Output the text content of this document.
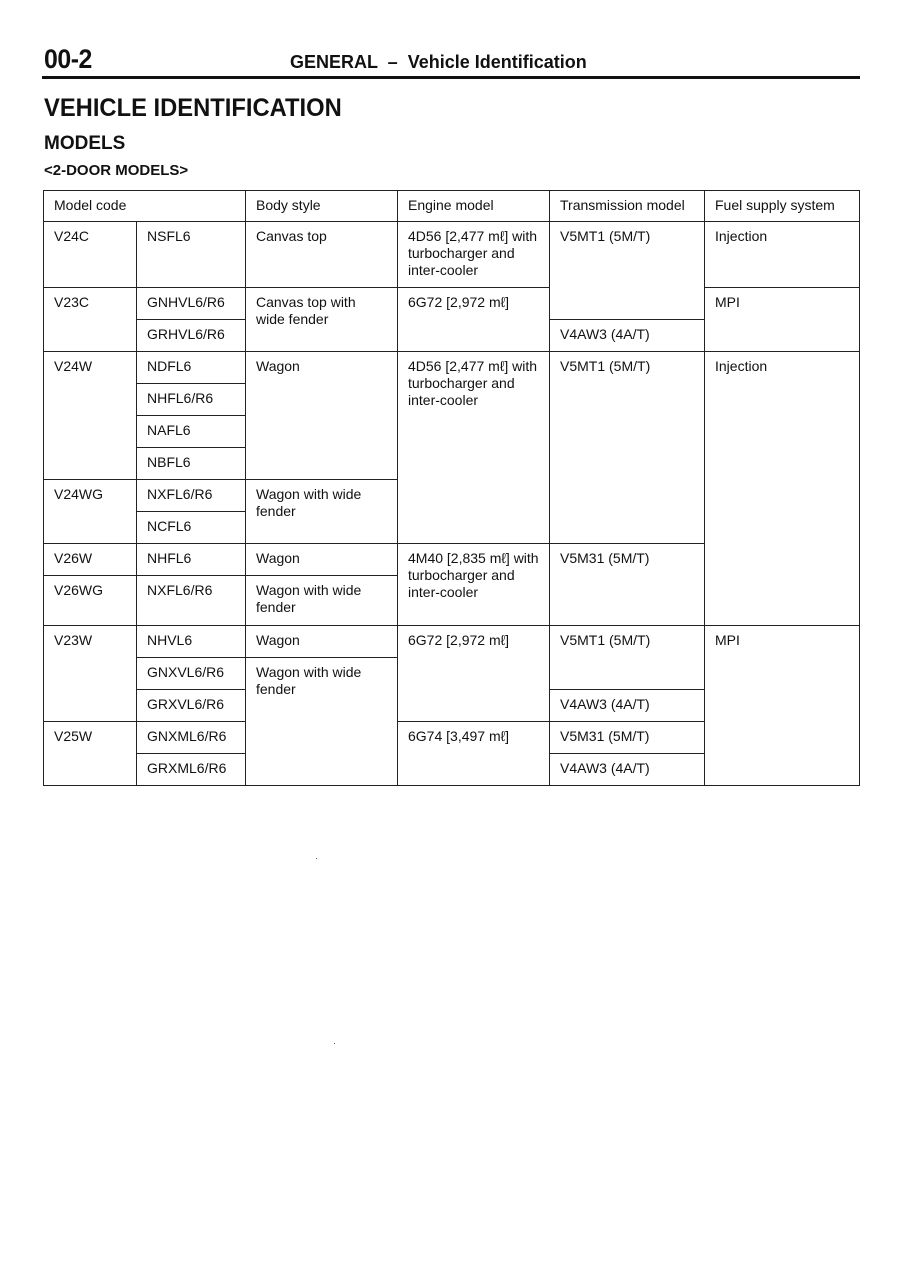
00-2	GENERAL  –  Vehicle Identification
VEHICLE IDENTIFICATION
MODELS
<2-DOOR MODELS>
Model code		Body style	Engine model	Transmission model	Fuel supply system
V24C	NSFL6	Canvas top	4D56 [2,477 mℓ] with turbocharger and inter-cooler	V5MT1 (5M/T)	Injection
V23C	GNHVL6/R6	Canvas top with wide fender	6G72 [2,972 mℓ]		MPI
	GRHVL6/R6			V4AW3 (4A/T)	
V24W	NDFL6	Wagon	4D56 [2,477 mℓ] with turbocharger and inter-cooler	V5MT1 (5M/T)	Injection
	NHFL6/R6				
	NAFL6				
	NBFL6				
V24WG	NXFL6/R6	Wagon with wide fender			
	NCFL6				
V26W	NHFL6	Wagon	4M40 [2,835 mℓ] with turbocharger and inter-cooler	V5M31 (5M/T)	
V26WG	NXFL6/R6	Wagon with wide fender			
V23W	NHVL6	Wagon	6G72 [2,972 mℓ]	V5MT1 (5M/T)	MPI
	GNXVL6/R6	Wagon with wide fender			
	GRXVL6/R6			V4AW3 (4A/T)	
V25W	GNXML6/R6		6G74 [3,497 mℓ]	V5M31 (5M/T)	
	GRXML6/R6			V4AW3 (4A/T)	
